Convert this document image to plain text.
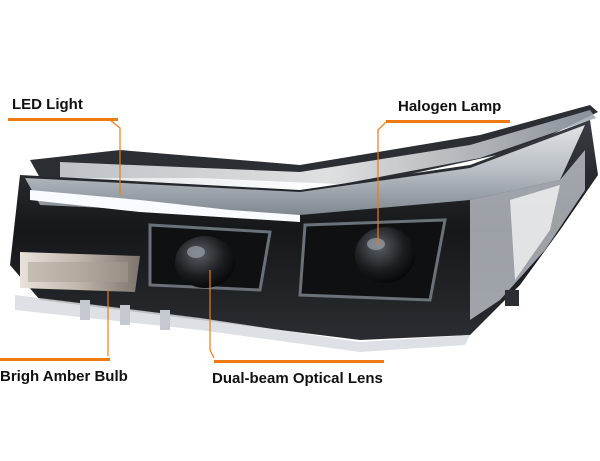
LED Light	Halogen Lamp
Brigh Amber Bulb	Dual-beam Optical Lens
